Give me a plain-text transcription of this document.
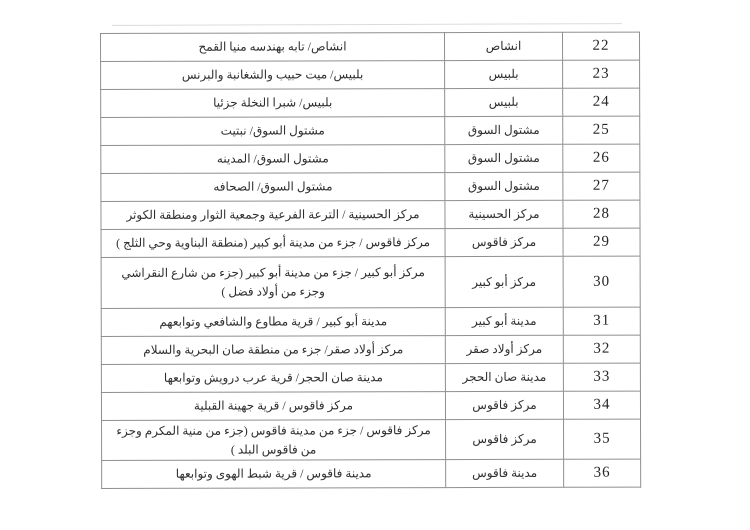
22	انشاص	انشاص/ تابه بهندسه منيا القمح
23	بلبيس	بلبيس/ ميت حبيب والشغانبة والبرنس
24	بلبيس	بلبيس/ شبرا النخلة جزئيا
25	مشتول السوق	مشتول السوق/ نبتيت
26	مشتول السوق	مشتول السوق/ المدينه
27	مشتول السوق	مشتول السوق/ الصحافه
28	مركز الحسينية	مركز الحسينية / الترعة الفرعية وجمعية الثوار ومنطقة الكوثر
29	مركز فاقوس	مركز فاقوس / جزء من مدينة أبو كبير (منطقة البناوية وحي الثلج )
30	مركز أبو كبير	مركز أبو كبير / جزء من مدينة أبو كبير (جزء من شارع النقراشي وجزء من أولاد فضل )
31	مدينة أبو كبير	مدينة أبو كبير / قرية مطاوع والشافعي وتوابعهم
32	مركز أولاد صقر	مركز أولاد صقر/ جزء من منطقة صان البحرية والسلام
33	مدينة صان الحجر	مدينة صان الحجر/ قرية عرب درويش وتوابعها
34	مركز فاقوس	مركز فاقوس / قرية جهينة القبلية
35	مركز فاقوس	مركز فاقوس / جزء من مدينة فاقوس (جزء من منية المكرم وجزء من فاقوس البلد )
36	مدينة فاقوس	مدينة فاقوس / قرية شبط الهوى وتوابعها
